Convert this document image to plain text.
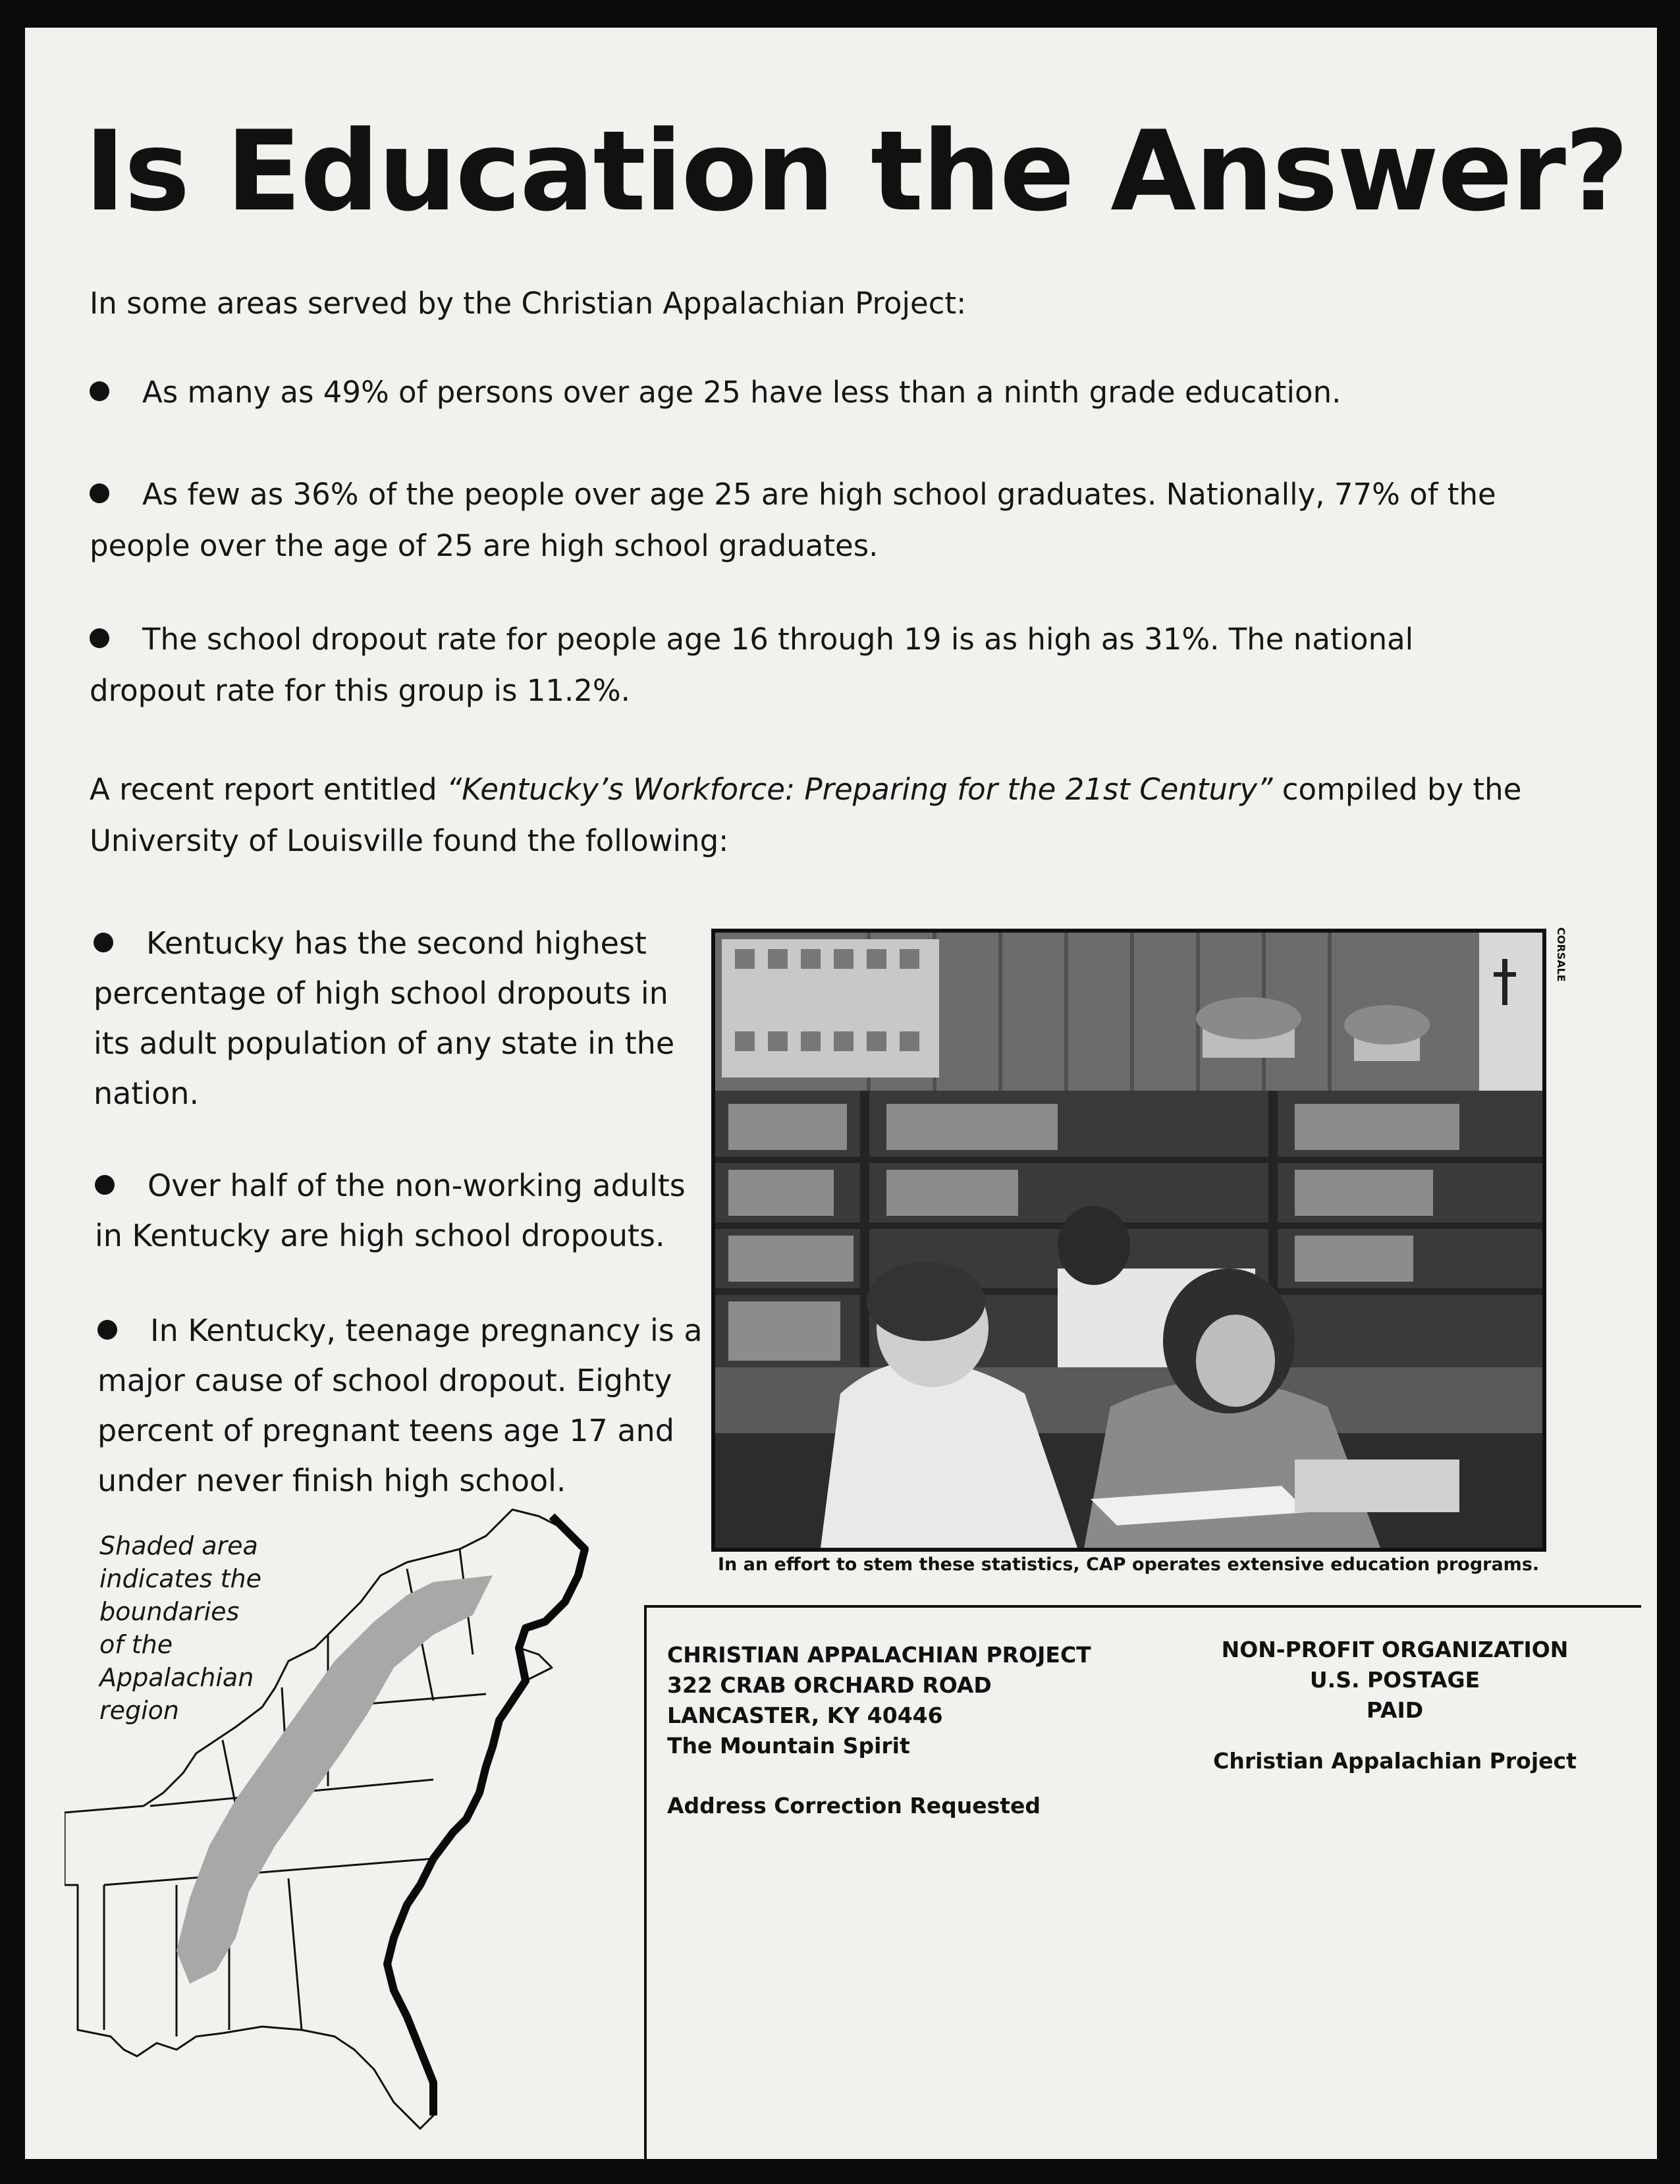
Is Education the Answer?

In some areas served by the Christian Appalachian Project:

As many as 49% of persons over age 25 have less than a ninth grade education.

As few as 36% of the people over age 25 are high school graduates. Nationally, 77% of the people over the age of 25 are high school graduates.

The school dropout rate for people age 16 through 19 is as high as 31%. The national dropout rate for this group is 11.2%.

A recent report entitled “Kentucky’s Workforce: Preparing for the 21st Century” compiled by the University of Louisville found the following:

Kentucky has the second highest percentage of high school dropouts in its adult population of any state in the nation.

Over half of the non-working adults in Kentucky are high school dropouts.

In Kentucky, teenage pregnancy is a major cause of school dropout. Eighty percent of pregnant teens age 17 and under never finish high school.

CORSALE

In an effort to stem these statistics, CAP operates extensive education programs.

Shaded area indicates the boundaries of the Appalachian region

CHRISTIAN APPALACHIAN PROJECT
322 CRAB ORCHARD ROAD
LANCASTER, KY 40446
The Mountain Spirit

Address Correction Requested

NON-PROFIT ORGANIZATION
U.S. POSTAGE
PAID

Christian Appalachian Project
